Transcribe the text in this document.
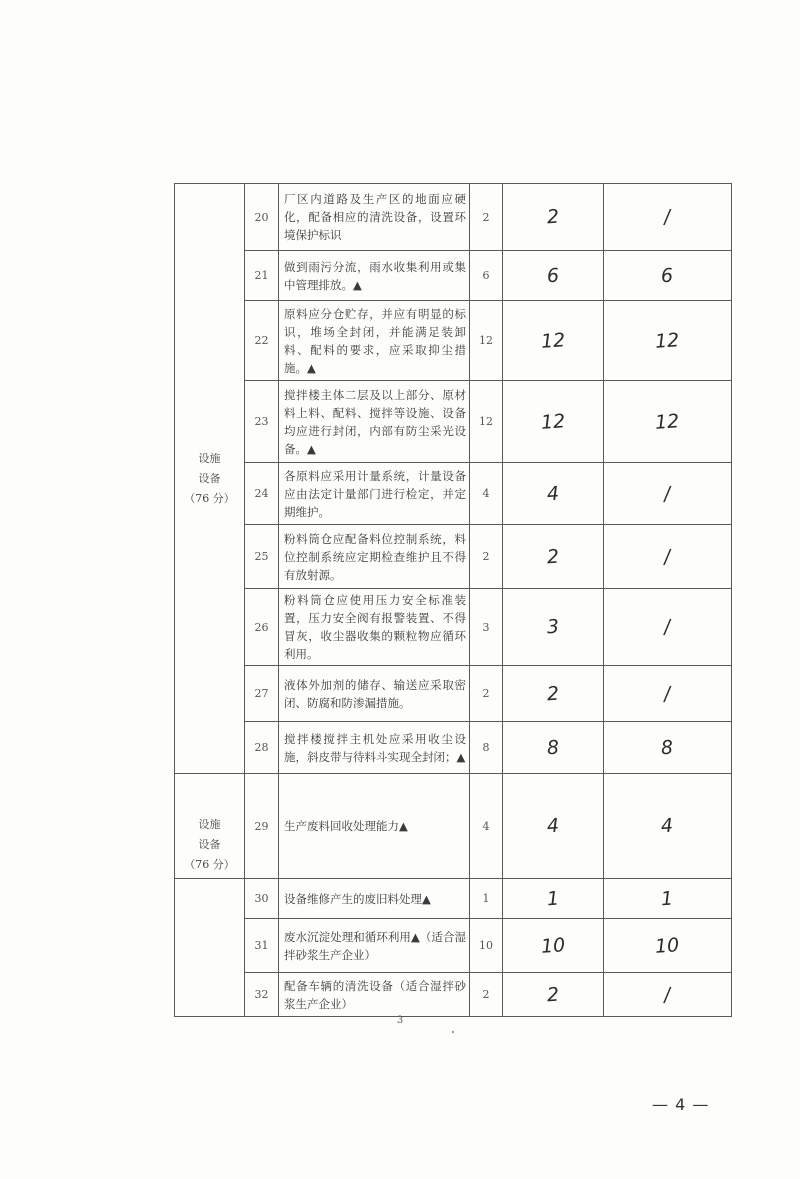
设施
设备
（76 分）	20	厂区内道路及生产区的地面应硬化，配备相应的清洗设备，设置环境保护标识	2	2	/
	21	做到雨污分流，雨水收集利用或集中管理排放。▲	6	6	6
	22	原料应分仓贮存，并应有明显的标识，堆场全封闭，并能满足装卸料、配料的要求，应采取抑尘措施。▲	12	12	12
	23	搅拌楼主体二层及以上部分、原材料上料、配料、搅拌等设施、设备均应进行封闭，内部有防尘采光设备。▲	12	12	12
	24	各原料应采用计量系统，计量设备应由法定计量部门进行检定，并定期维护。	4	4	/
	25	粉料筒仓应配备料位控制系统，料位控制系统应定期检查维护且不得有放射源。	2	2	/
	26	粉料筒仓应使用压力安全标准装置，压力安全阀有报警装置、不得冒灰，收尘器收集的颗粒物应循环利用。	3	3	/
	27	液体外加剂的储存、输送应采取密闭、防腐和防渗漏措施。	2	2	/
	28	搅拌楼搅拌主机处应采用收尘设施，斜皮带与待料斗实现全封闭；▲	8	8	8
设施
设备
（76 分）	29	生产废料回收处理能力▲	4	4	4
	30	设备维修产生的废旧料处理▲	1	1	1
	31	废水沉淀处理和循环利用▲（适合湿拌砂浆生产企业）	10	10	10
	32	配备车辆的清洗设备（适合湿拌砂浆生产企业）	2	2	/
3
— 4 —
